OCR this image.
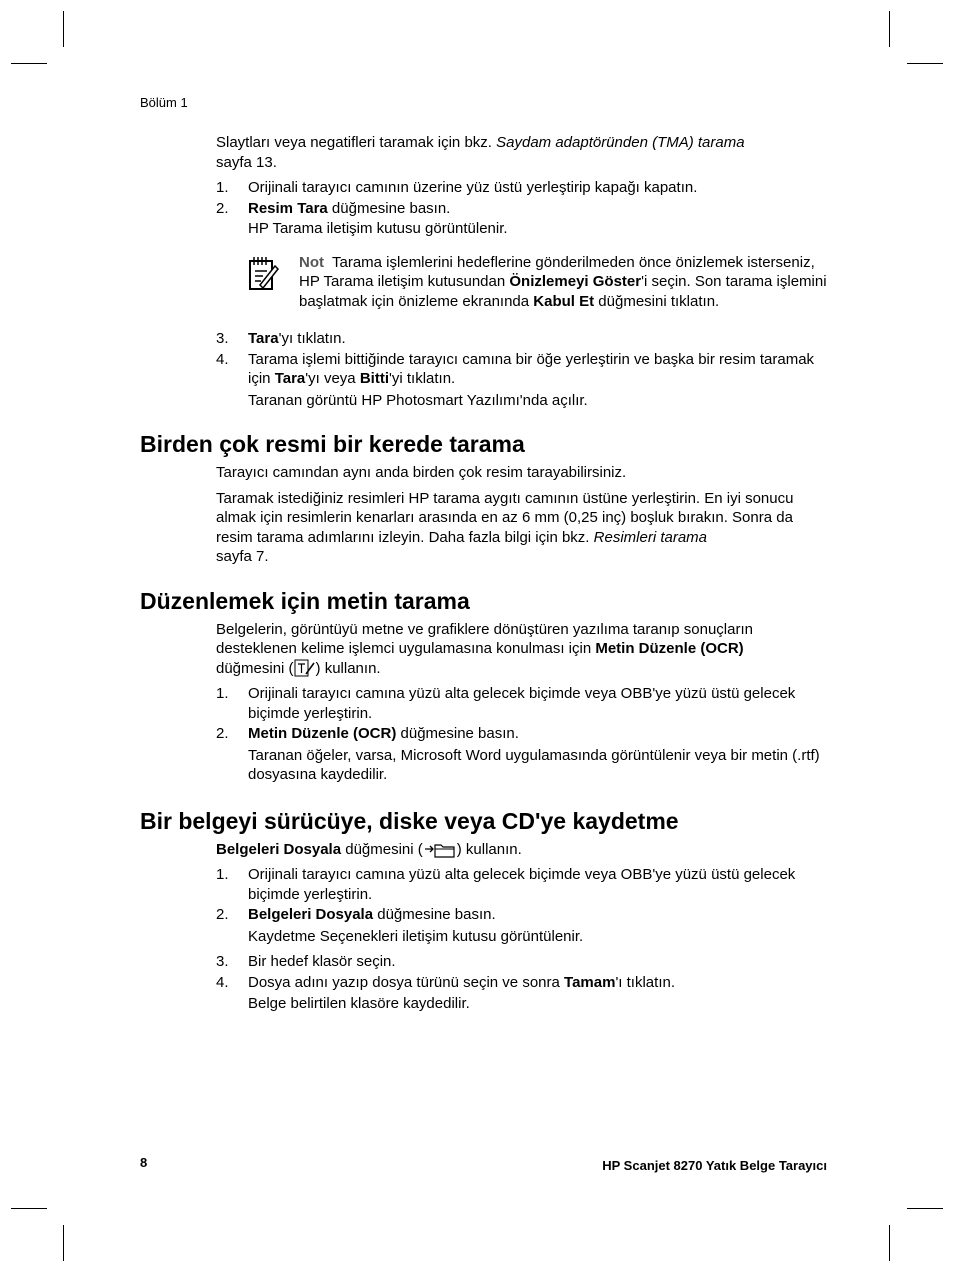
Bölüm 1

Slaytları veya negatifleri taramak için bkz. Saydam adaptöründen (TMA) tarama
sayfa 13.

1. Orijinali tarayıcı camının üzerine yüz üstü yerleştirip kapağı kapatın.
2. Resim Tara düğmesine basın.
HP Tarama iletişim kutusu görüntülenir.
Not Tarama işlemlerini hedeflerine gönderilmeden önce önizlemek isterseniz, HP Tarama iletişim kutusundan Önizlemeyi Göster'i seçin. Son tarama işlemini başlatmak için önizleme ekranında Kabul Et düğmesini tıklatın.
3. Tara'yı tıklatın.
4. Tarama işlemi bittiğinde tarayıcı camına bir öğe yerleştirin ve başka bir resim taramak için Tara'yı veya Bitti'yi tıklatın.
Taranan görüntü HP Photosmart Yazılımı'nda açılır.
Birden çok resmi bir kerede tarama

Tarayıcı camından aynı anda birden çok resim tarayabilirsiniz.

Taramak istediğiniz resimleri HP tarama aygıtı camının üstüne yerleştirin. En iyi sonucu almak için resimlerin kenarları arasında en az 6 mm (0,25 inç) boşluk bırakın. Sonra da resim tarama adımlarını izleyin. Daha fazla bilgi için bkz. Resimleri tarama
sayfa 7.

Düzenlemek için metin tarama

Belgelerin, görüntüyü metne ve grafiklere dönüştüren yazılıma taranıp sonuçların desteklenen kelime işlemci uygulamasına konulması için Metin Düzenle (OCR)
düğmesini ( ) kullanın.

1. Orijinali tarayıcı camına yüzü alta gelecek biçimde veya OBB'ye yüzü üstü gelecek biçimde yerleştirin.
2. Metin Düzenle (OCR) düğmesine basın.
Taranan öğeler, varsa, Microsoft Word uygulamasında görüntülenir veya bir metin (.rtf) dosyasına kaydedilir.
Bir belgeyi sürücüye, diske veya CD'ye kaydetme

Belgeleri Dosyala düğmesini ( ) kullanın.

1. Orijinali tarayıcı camına yüzü alta gelecek biçimde veya OBB'ye yüzü üstü gelecek biçimde yerleştirin.
2. Belgeleri Dosyala düğmesine basın.
Kaydetme Seçenekleri iletişim kutusu görüntülenir.
3. Bir hedef klasör seçin.
4. Dosya adını yazıp dosya türünü seçin ve sonra Tamam'ı tıklatın.
Belge belirtilen klasöre kaydedilir.
8	HP Scanjet 8270 Yatık Belge Tarayıcı
